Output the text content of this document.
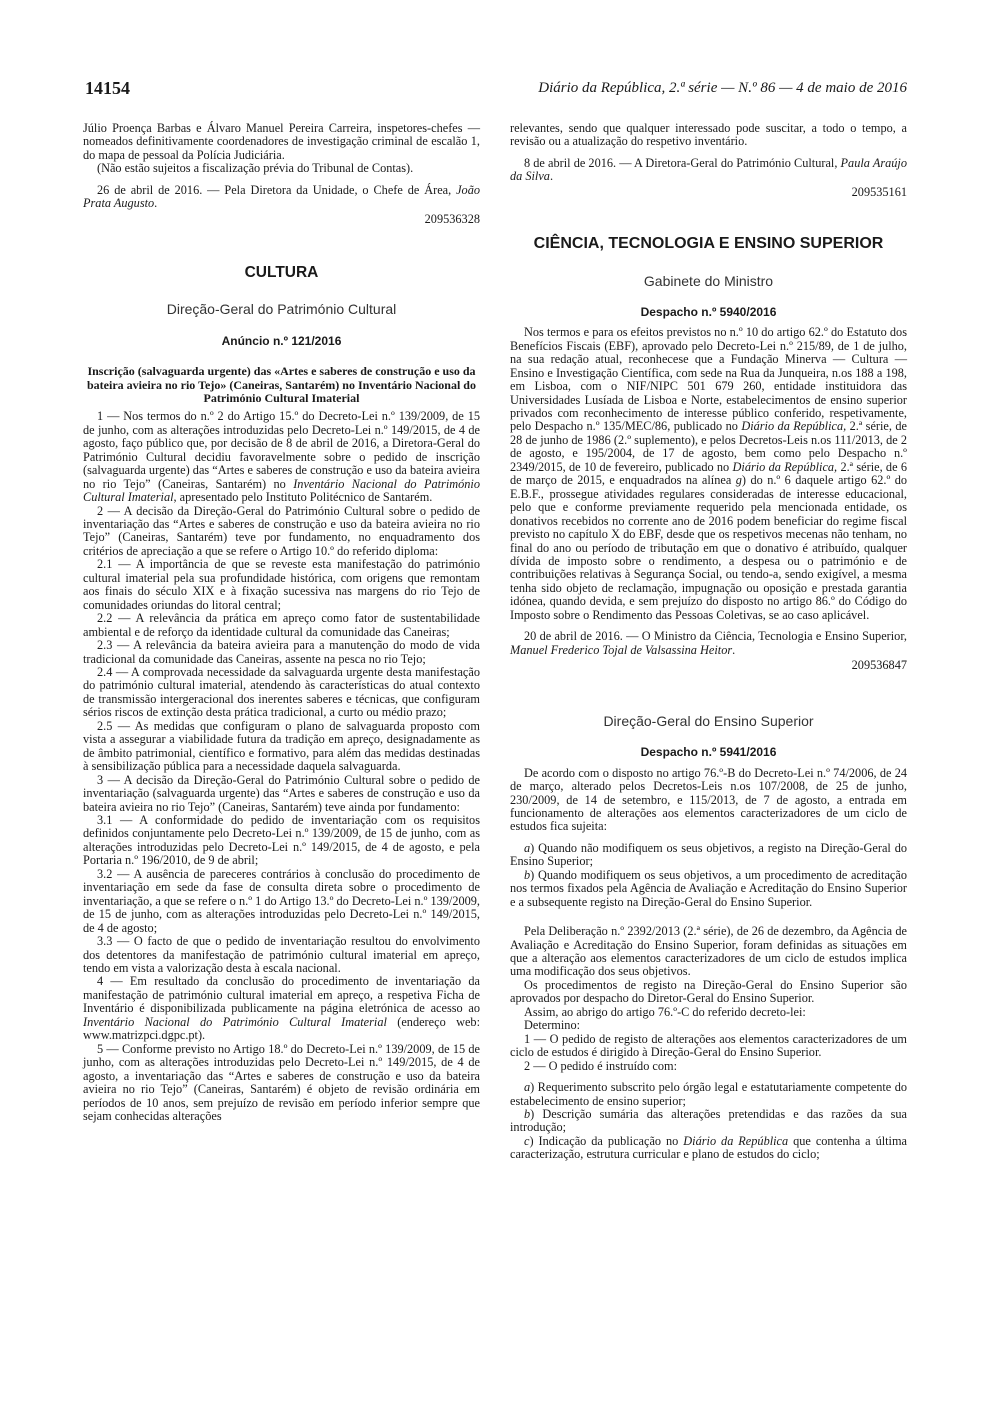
14154	Diário da República, 2.ª série — N.º 86 — 4 de maio de 2016

Júlio Proença Barbas e Álvaro Manuel Pereira Carreira, inspetores-chefes — nomeados definitivamente coordenadores de investigação criminal de escalão 1, do mapa de pessoal da Polícia Judiciária.

(Não estão sujeitos a fiscalização prévia do Tribunal de Contas).

26 de abril de 2016. — Pela Diretora da Unidade, o Chefe de Área, João Prata Augusto.

209536328

CULTURA
Direção-Geral do Património Cultural
Anúncio n.º 121/2016
Inscrição (salvaguarda urgente) das «Artes e saberes de construção e uso da bateira avieira no rio Tejo» (Caneiras, Santarém) no Inventário Nacional do Património Cultural Imaterial

1 — Nos termos do n.º 2 do Artigo 15.º do Decreto-Lei n.º 139/2009, de 15 de junho, com as alterações introduzidas pelo Decreto-Lei n.º 149/2015, de 4 de agosto, faço público que, por decisão de 8 de abril de 2016, a Diretora-Geral do Património Cultural decidiu favoravelmente sobre o pedido de inscrição (salvaguarda urgente) das “Artes e saberes de construção e uso da bateira avieira no rio Tejo” (Caneiras, Santarém) no Inventário Nacional do Património Cultural Imaterial, apresentado pelo Instituto Politécnico de Santarém.

2 — A decisão da Direção-Geral do Património Cultural sobre o pedido de inventariação das “Artes e saberes de construção e uso da bateira avieira no rio Tejo” (Caneiras, Santarém) teve por fundamento, no enquadramento dos critérios de apreciação a que se refere o Artigo 10.º do referido diploma:

2.1 — A importância de que se reveste esta manifestação do património cultural imaterial pela sua profundidade histórica, com origens que remontam aos finais do século XIX e à fixação sucessiva nas margens do rio Tejo de comunidades oriundas do litoral central;

2.2 — A relevância da prática em apreço como fator de sustentabilidade ambiental e de reforço da identidade cultural da comunidade das Caneiras;

2.3 — A relevância da bateira avieira para a manutenção do modo de vida tradicional da comunidade das Caneiras, assente na pesca no rio Tejo;

2.4 — A comprovada necessidade da salvaguarda urgente desta manifestação do património cultural imaterial, atendendo às características do atual contexto de transmissão intergeracional dos inerentes saberes e técnicas, que configuram sérios riscos de extinção desta prática tradicional, a curto ou médio prazo;

2.5 — As medidas que configuram o plano de salvaguarda proposto com vista a assegurar a viabilidade futura da tradição em apreço, designadamente as de âmbito patrimonial, científico e formativo, para além das medidas destinadas à sensibilização pública para a necessidade daquela salvaguarda.

3 — A decisão da Direção-Geral do Património Cultural sobre o pedido de inventariação (salvaguarda urgente) das “Artes e saberes de construção e uso da bateira avieira no rio Tejo” (Caneiras, Santarém) teve ainda por fundamento:

3.1 — A conformidade do pedido de inventariação com os requisitos definidos conjuntamente pelo Decreto-Lei n.º 139/2009, de 15 de junho, com as alterações introduzidas pelo Decreto-Lei n.º 149/2015, de 4 de agosto, e pela Portaria n.º 196/2010, de 9 de abril;

3.2 — A ausência de pareceres contrários à conclusão do procedimento de inventariação em sede da fase de consulta direta sobre o procedimento de inventariação, a que se refere o n.º 1 do Artigo 13.º do Decreto-Lei n.º 139/2009, de 15 de junho, com as alterações introduzidas pelo Decreto-Lei n.º 149/2015, de 4 de agosto;

3.3 — O facto de que o pedido de inventariação resultou do envolvimento dos detentores da manifestação de património cultural imaterial em apreço, tendo em vista a valorização desta à escala nacional.

4 — Em resultado da conclusão do procedimento de inventariação da manifestação de património cultural imaterial em apreço, a respetiva Ficha de Inventário é disponibilizada publicamente na página eletrónica de acesso ao Inventário Nacional do Património Cultural Imaterial (endereço web: www.matrizpci.dgpc.pt).

5 — Conforme previsto no Artigo 18.º do Decreto-Lei n.º 139/2009, de 15 de junho, com as alterações introduzidas pelo Decreto-Lei n.º 149/2015, de 4 de agosto, a inventariação das “Artes e saberes de construção e uso da bateira avieira no rio Tejo” (Caneiras, Santarém) é objeto de revisão ordinária em períodos de 10 anos, sem prejuízo de revisão em período inferior sempre que sejam conhecidas alterações

relevantes, sendo que qualquer interessado pode suscitar, a todo o tempo, a revisão ou a atualização do respetivo inventário.

8 de abril de 2016. — A Diretora-Geral do Património Cultural, Paula Araújo da Silva.

209535161

CIÊNCIA, TECNOLOGIA E ENSINO SUPERIOR
Gabinete do Ministro
Despacho n.º 5940/2016

Nos termos e para os efeitos previstos no n.º 10 do artigo 62.º do Estatuto dos Benefícios Fiscais (EBF), aprovado pelo Decreto-Lei n.º 215/89, de 1 de julho, na sua redação atual, reconhecese que a Fundação Minerva — Cultura — Ensino e Investigação Científica, com sede na Rua da Junqueira, n.os 188 a 198, em Lisboa, com o NIF/NIPC 501 679 260, entidade instituidora das Universidades Lusíada de Lisboa e Norte, estabelecimentos de ensino superior privados com reconhecimento de interesse público conferido, respetivamente, pelo Despacho n.º 135/MEC/86, publicado no Diário da República, 2.ª série, de 28 de junho de 1986 (2.º suplemento), e pelos Decretos-Leis n.os 111/2013, de 2 de agosto, e 195/2004, de 17 de agosto, bem como pelo Despacho n.º 2349/2015, de 10 de fevereiro, publicado no Diário da República, 2.ª série, de 6 de março de 2015, e enquadrados na alínea g) do n.º 6 daquele artigo 62.º do E.B.F., prossegue atividades regulares consideradas de interesse educacional, pelo que e conforme previamente requerido pela mencionada entidade, os donativos recebidos no corrente ano de 2016 podem beneficiar do regime fiscal previsto no capítulo X do EBF, desde que os respetivos mecenas não tenham, no final do ano ou período de tributação em que o donativo é atribuído, qualquer dívida de imposto sobre o rendimento, a despesa ou o património e de contribuições relativas à Segurança Social, ou tendo-a, sendo exigível, a mesma tenha sido objeto de reclamação, impugnação ou oposição e prestada garantia idónea, quando devida, e sem prejuízo do disposto no artigo 86.º do Código do Imposto sobre o Rendimento das Pessoas Coletivas, se ao caso aplicável.

20 de abril de 2016. — O Ministro da Ciência, Tecnologia e Ensino Superior, Manuel Frederico Tojal de Valsassina Heitor.

209536847

Direção-Geral do Ensino Superior
Despacho n.º 5941/2016

De acordo com o disposto no artigo 76.º-B do Decreto-Lei n.º 74/2006, de 24 de março, alterado pelos Decretos-Leis n.os 107/2008, de 25 de junho, 230/2009, de 14 de setembro, e 115/2013, de 7 de agosto, a entrada em funcionamento de alterações aos elementos caracterizadores de um ciclo de estudos fica sujeita:

a) Quando não modifiquem os seus objetivos, a registo na Direção-Geral do Ensino Superior;

b) Quando modifiquem os seus objetivos, a um procedimento de acreditação nos termos fixados pela Agência de Avaliação e Acreditação do Ensino Superior e a subsequente registo na Direção-Geral do Ensino Superior.

Pela Deliberação n.º 2392/2013 (2.ª série), de 26 de dezembro, da Agência de Avaliação e Acreditação do Ensino Superior, foram definidas as situações em que a alteração aos elementos caracterizadores de um ciclo de estudos implica uma modificação dos seus objetivos.

Os procedimentos de registo na Direção-Geral do Ensino Superior são aprovados por despacho do Diretor-Geral do Ensino Superior.

Assim, ao abrigo do artigo 76.º-C do referido decreto-lei:

Determino:

1 — O pedido de registo de alterações aos elementos caracterizadores de um ciclo de estudos é dirigido à Direção-Geral do Ensino Superior.

2 — O pedido é instruído com:

a) Requerimento subscrito pelo órgão legal e estatutariamente competente do estabelecimento de ensino superior;

b) Descrição sumária das alterações pretendidas e das razões da sua introdução;

c) Indicação da publicação no Diário da República que contenha a última caracterização, estrutura curricular e plano de estudos do ciclo;
